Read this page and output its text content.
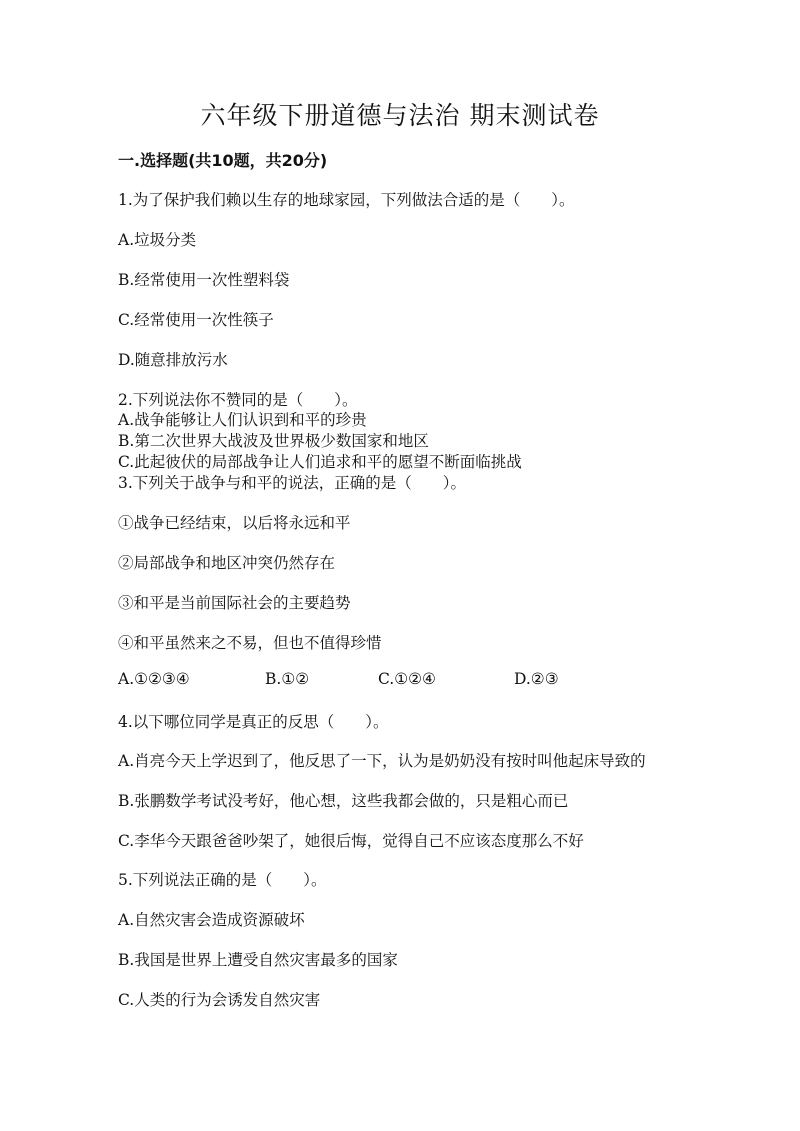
六年级下册道德与法治 期末测试卷
一.选择题(共10题，共20分)
1.为了保护我们赖以生存的地球家园，下列做法合适的是（　　）。
A.垃圾分类
B.经常使用一次性塑料袋
C.经常使用一次性筷子
D.随意排放污水
2.下列说法你不赞同的是（　　）。
A.战争能够让人们认识到和平的珍贵
B.第二次世界大战波及世界极少数国家和地区
C.此起彼伏的局部战争让人们追求和平的愿望不断面临挑战
3.下列关于战争与和平的说法，正确的是（　　）。
①战争已经结束，以后将永远和平
②局部战争和地区冲突仍然存在
③和平是当前国际社会的主要趋势
④和平虽然来之不易，但也不值得珍惜
A.①②③④	B.①②	C.①②④	D.②③
4.以下哪位同学是真正的反思（　　）。
A.肖亮今天上学迟到了，他反思了一下，认为是奶奶没有按时叫他起床导致的
B.张鹏数学考试没考好，他心想，这些我都会做的，只是粗心而已
C.李华今天跟爸爸吵架了，她很后悔，觉得自己不应该态度那么不好
5.下列说法正确的是（　　）。
A.自然灾害会造成资源破坏
B.我国是世界上遭受自然灾害最多的国家
C.人类的行为会诱发自然灾害
